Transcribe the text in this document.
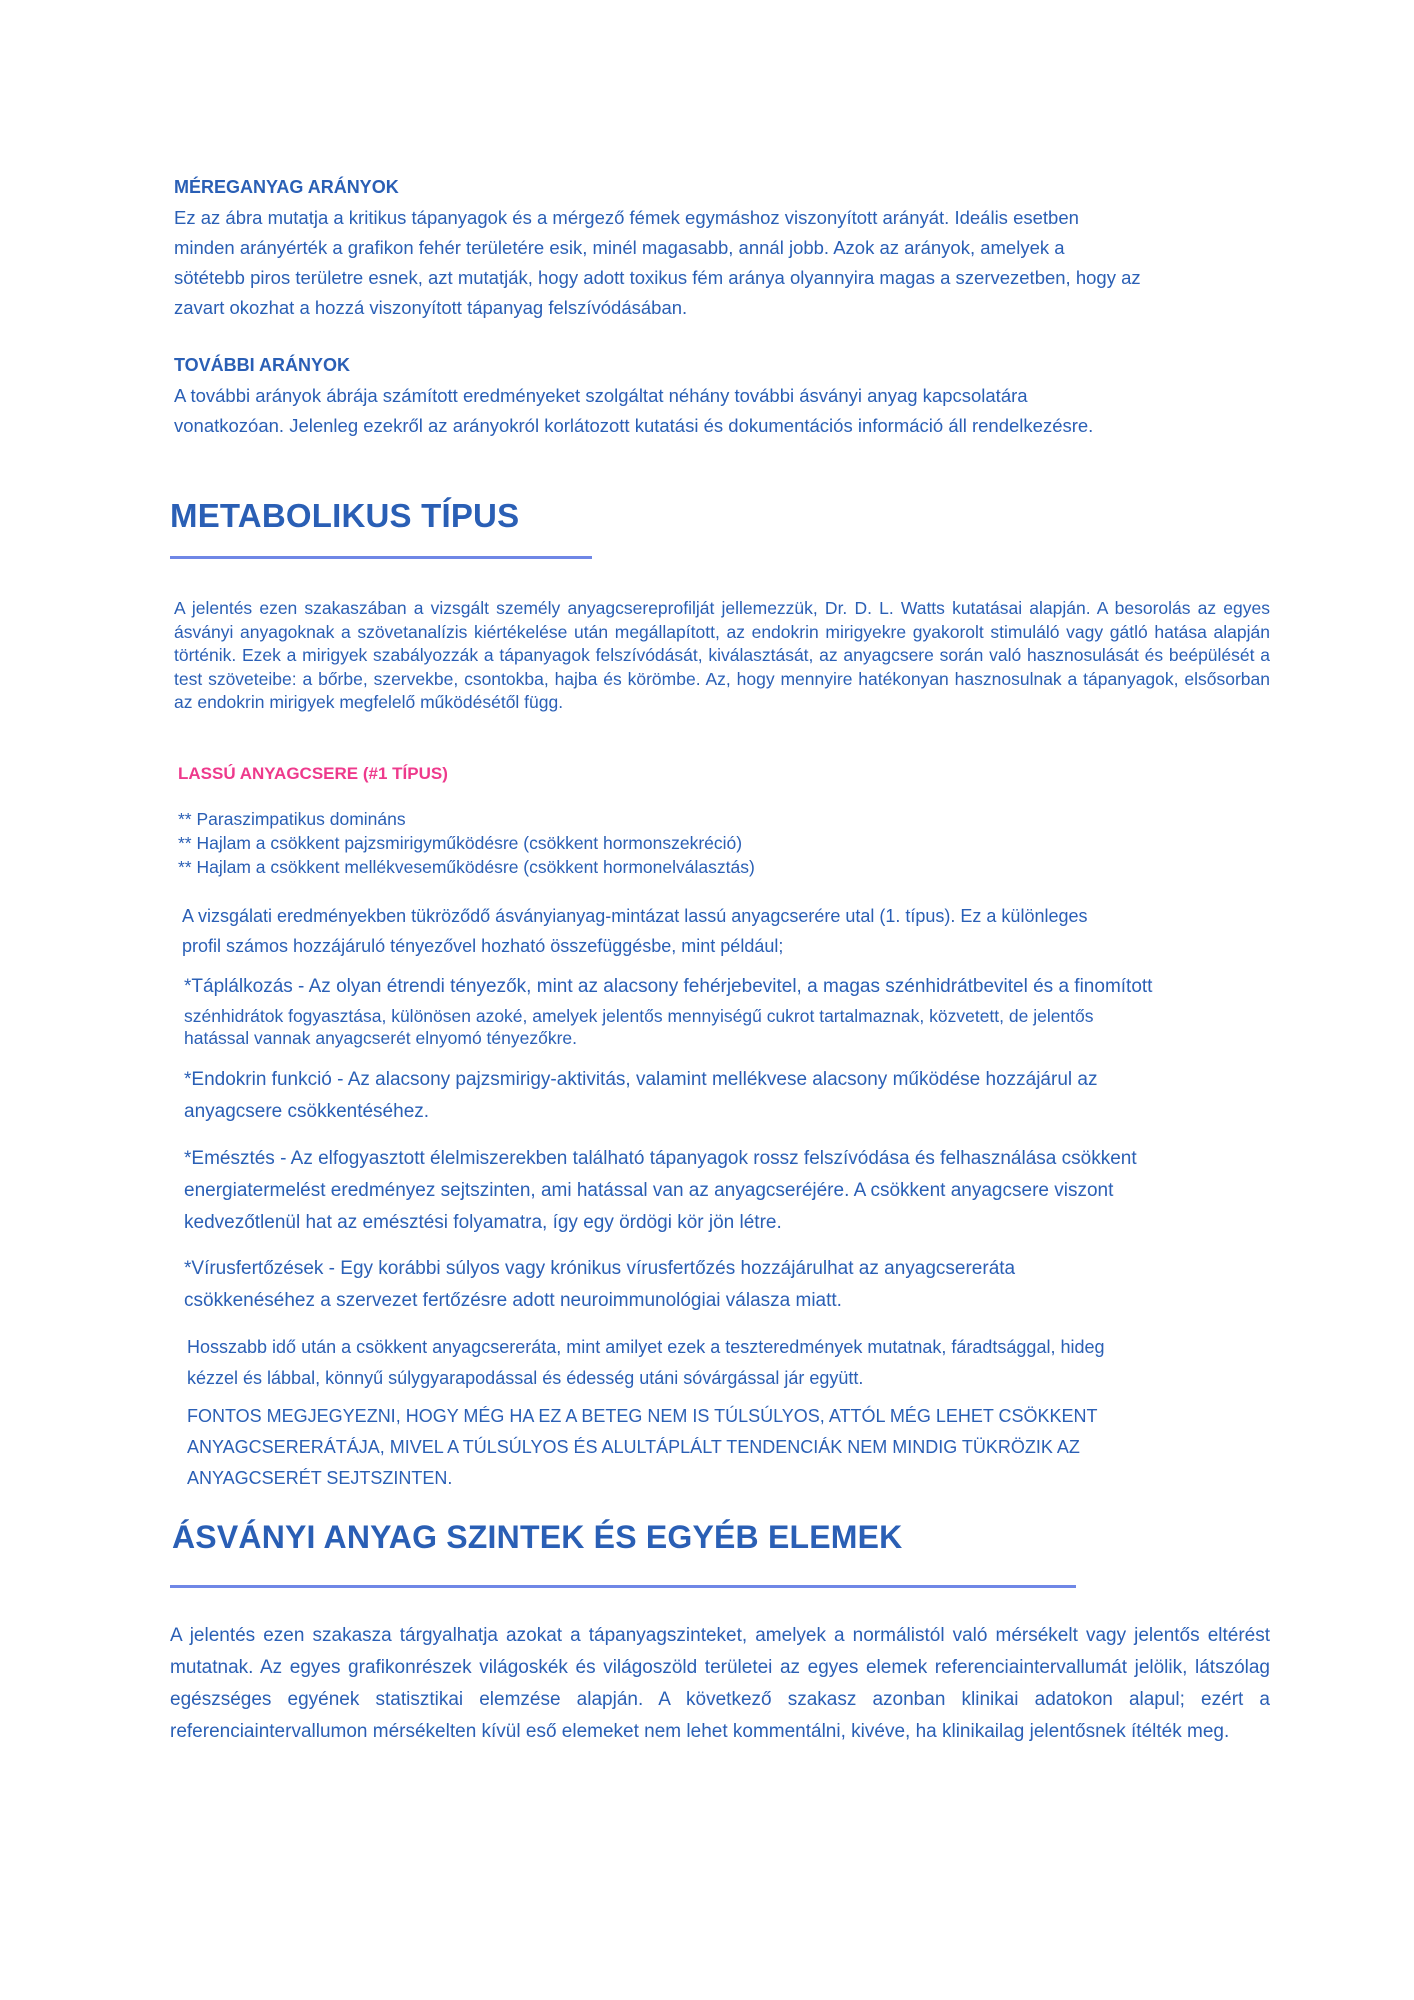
MÉREGANYAG ARÁNYOK

Ez az ábra mutatja a kritikus tápanyagok és a mérgező fémek egymáshoz viszonyított arányát. Ideális esetben

minden arányérték a grafikon fehér területére esik, minél magasabb, annál jobb. Azok az arányok, amelyek a

sötétebb piros területre esnek, azt mutatják, hogy adott toxikus fém aránya olyannyira magas a szervezetben, hogy az

zavart okozhat a hozzá viszonyított tápanyag felszívódásában.

TOVÁBBI ARÁNYOK

A további arányok ábrája számított eredményeket szolgáltat néhány további ásványi anyag kapcsolatára

vonatkozóan. Jelenleg ezekről az arányokról korlátozott kutatási és dokumentációs információ áll rendelkezésre.

METABOLIKUS TÍPUS
A jelentés ezen szakaszában a vizsgált személy anyagcsereprofilját jellemezzük, Dr. D. L. Watts kutatásai alapján. A besorolás az egyes ásványi anyagoknak a szövetanalízis kiértékelése után megállapított, az endokrin mirigyekre gyakorolt stimuláló vagy gátló hatása alapján történik. Ezek a mirigyek szabályozzák a tápanyagok felszívódását, kiválasztását, az anyagcsere során való hasznosulását és beépülését a test szöveteibe: a bőrbe, szervekbe, csontokba, hajba és körömbe. Az, hogy mennyire hatékonyan hasznosulnak a tápanyagok, elsősorban az endokrin mirigyek megfelelő működésétől függ.
LASSÚ ANYAGCSERE (#1 TÍPUS)
** Paraszimpatikus domináns
** Hajlam a csökkent pajzsmirigyműködésre (csökkent hormonszekréció)
** Hajlam a csökkent mellékveseműködésre (csökkent hormonelválasztás)

A vizsgálati eredményekben tükröződő ásványianyag-mintázat lassú anyagcserére utal (1. típus). Ez a különleges

profil számos hozzájáruló tényezővel hozható összefüggésbe, mint például;

*Táplálkozás - Az olyan étrendi tényezők, mint az alacsony fehérjebevitel, a magas szénhidrátbevitel és a finomított
szénhidrátok fogyasztása, különösen azoké, amelyek jelentős mennyiségű cukrot tartalmaznak, közvetett, de jelentős
hatással vannak anyagcserét elnyomó tényezőkre.

*Endokrin funkció - Az alacsony pajzsmirigy-aktivitás, valamint mellékvese alacsony működése hozzájárul az

anyagcsere csökkentéséhez.

*Emésztés - Az elfogyasztott élelmiszerekben található tápanyagok rossz felszívódása és felhasználása csökkent

energiatermelést eredményez sejtszinten, ami hatással van az anyagcseréjére. A csökkent anyagcsere viszont

kedvezőtlenül hat az emésztési folyamatra, így egy ördögi kör jön létre.

*Vírusfertőzések - Egy korábbi súlyos vagy krónikus vírusfertőzés hozzájárulhat az anyagcsereráta

csökkenéséhez a szervezet fertőzésre adott neuroimmunológiai válasza miatt.

Hosszabb idő után a csökkent anyagcsereráta, mint amilyet ezek a teszteredmények mutatnak, fáradtsággal, hideg

kézzel és lábbal, könnyű súlygyarapodással és édesség utáni sóvárgással jár együtt.

FONTOS MEGJEGYEZNI, HOGY MÉG HA EZ A BETEG NEM IS TÚLSÚLYOS, ATTÓL MÉG LEHET CSÖKKENT

ANYAGCSERERÁTÁJA, MIVEL A TÚLSÚLYOS ÉS ALULTÁPLÁLT TENDENCIÁK NEM MINDIG TÜKRÖZIK AZ

ANYAGCSERÉT SEJTSZINTEN.

ÁSVÁNYI ANYAG SZINTEK ÉS EGYÉB ELEMEK
A jelentés ezen szakasza tárgyalhatja azokat a tápanyagszinteket, amelyek a normálistól való mérsékelt vagy jelentős eltérést mutatnak. Az egyes grafikonrészek világoskék és világoszöld területei az egyes elemek referenciaintervallumát jelölik, látszólag egészséges egyének statisztikai elemzése alapján. A következő szakasz azonban klinikai adatokon alapul; ezért a referenciaintervallumon mérsékelten kívül eső elemeket nem lehet kommentálni, kivéve, ha klinikailag jelentősnek ítélték meg.
